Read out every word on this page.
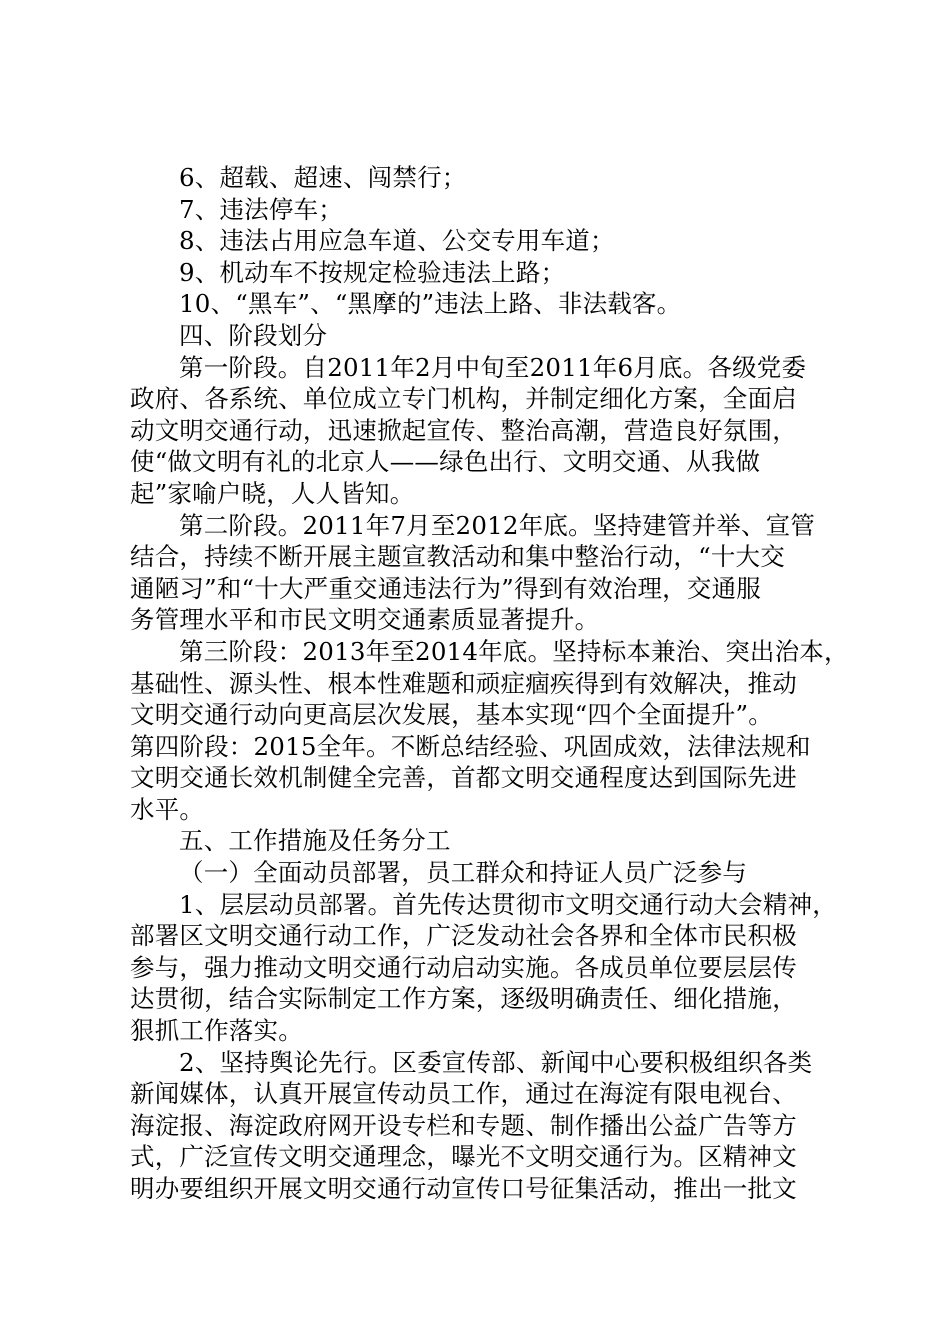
6、超载、超速、闯禁行；
7、违法停车；
8、违法占用应急车道、公交专用车道；
9、机动车不按规定检验违法上路；
10、“黑车”、“黑摩的”违法上路、非法载客。
四、阶段划分
第一阶段。自2011年2月中旬至2011年6月底。各级党委
政府、各系统、单位成立专门机构，并制定细化方案，全面启
动文明交通行动，迅速掀起宣传、整治高潮，营造良好氛围，
使“做文明有礼的北京人——绿色出行、文明交通、从我做
起”家喻户晓，人人皆知。
第二阶段。2011年7月至2012年底。坚持建管并举、宣管
结合，持续不断开展主题宣教活动和集中整治行动，“十大交
通陋习”和“十大严重交通违法行为”得到有效治理，交通服
务管理水平和市民文明交通素质显著提升。
第三阶段：2013年至2014年底。坚持标本兼治、突出治本，
基础性、源头性、根本性难题和顽症痼疾得到有效解决，推动
文明交通行动向更高层次发展，基本实现“四个全面提升”。
第四阶段：2015全年。不断总结经验、巩固成效，法律法规和
文明交通长效机制健全完善，首都文明交通程度达到国际先进
水平。
五、工作措施及任务分工
（一）全面动员部署，员工群众和持证人员广泛参与
1、层层动员部署。首先传达贯彻市文明交通行动大会精神，
部署区文明交通行动工作，广泛发动社会各界和全体市民积极
参与，强力推动文明交通行动启动实施。各成员单位要层层传
达贯彻，结合实际制定工作方案，逐级明确责任、细化措施，
狠抓工作落实。
2、坚持舆论先行。区委宣传部、新闻中心要积极组织各类
新闻媒体，认真开展宣传动员工作，通过在海淀有限电视台、
海淀报、海淀政府网开设专栏和专题、制作播出公益广告等方
式，广泛宣传文明交通理念，曝光不文明交通行为。区精神文
明办要组织开展文明交通行动宣传口号征集活动，推出一批文
